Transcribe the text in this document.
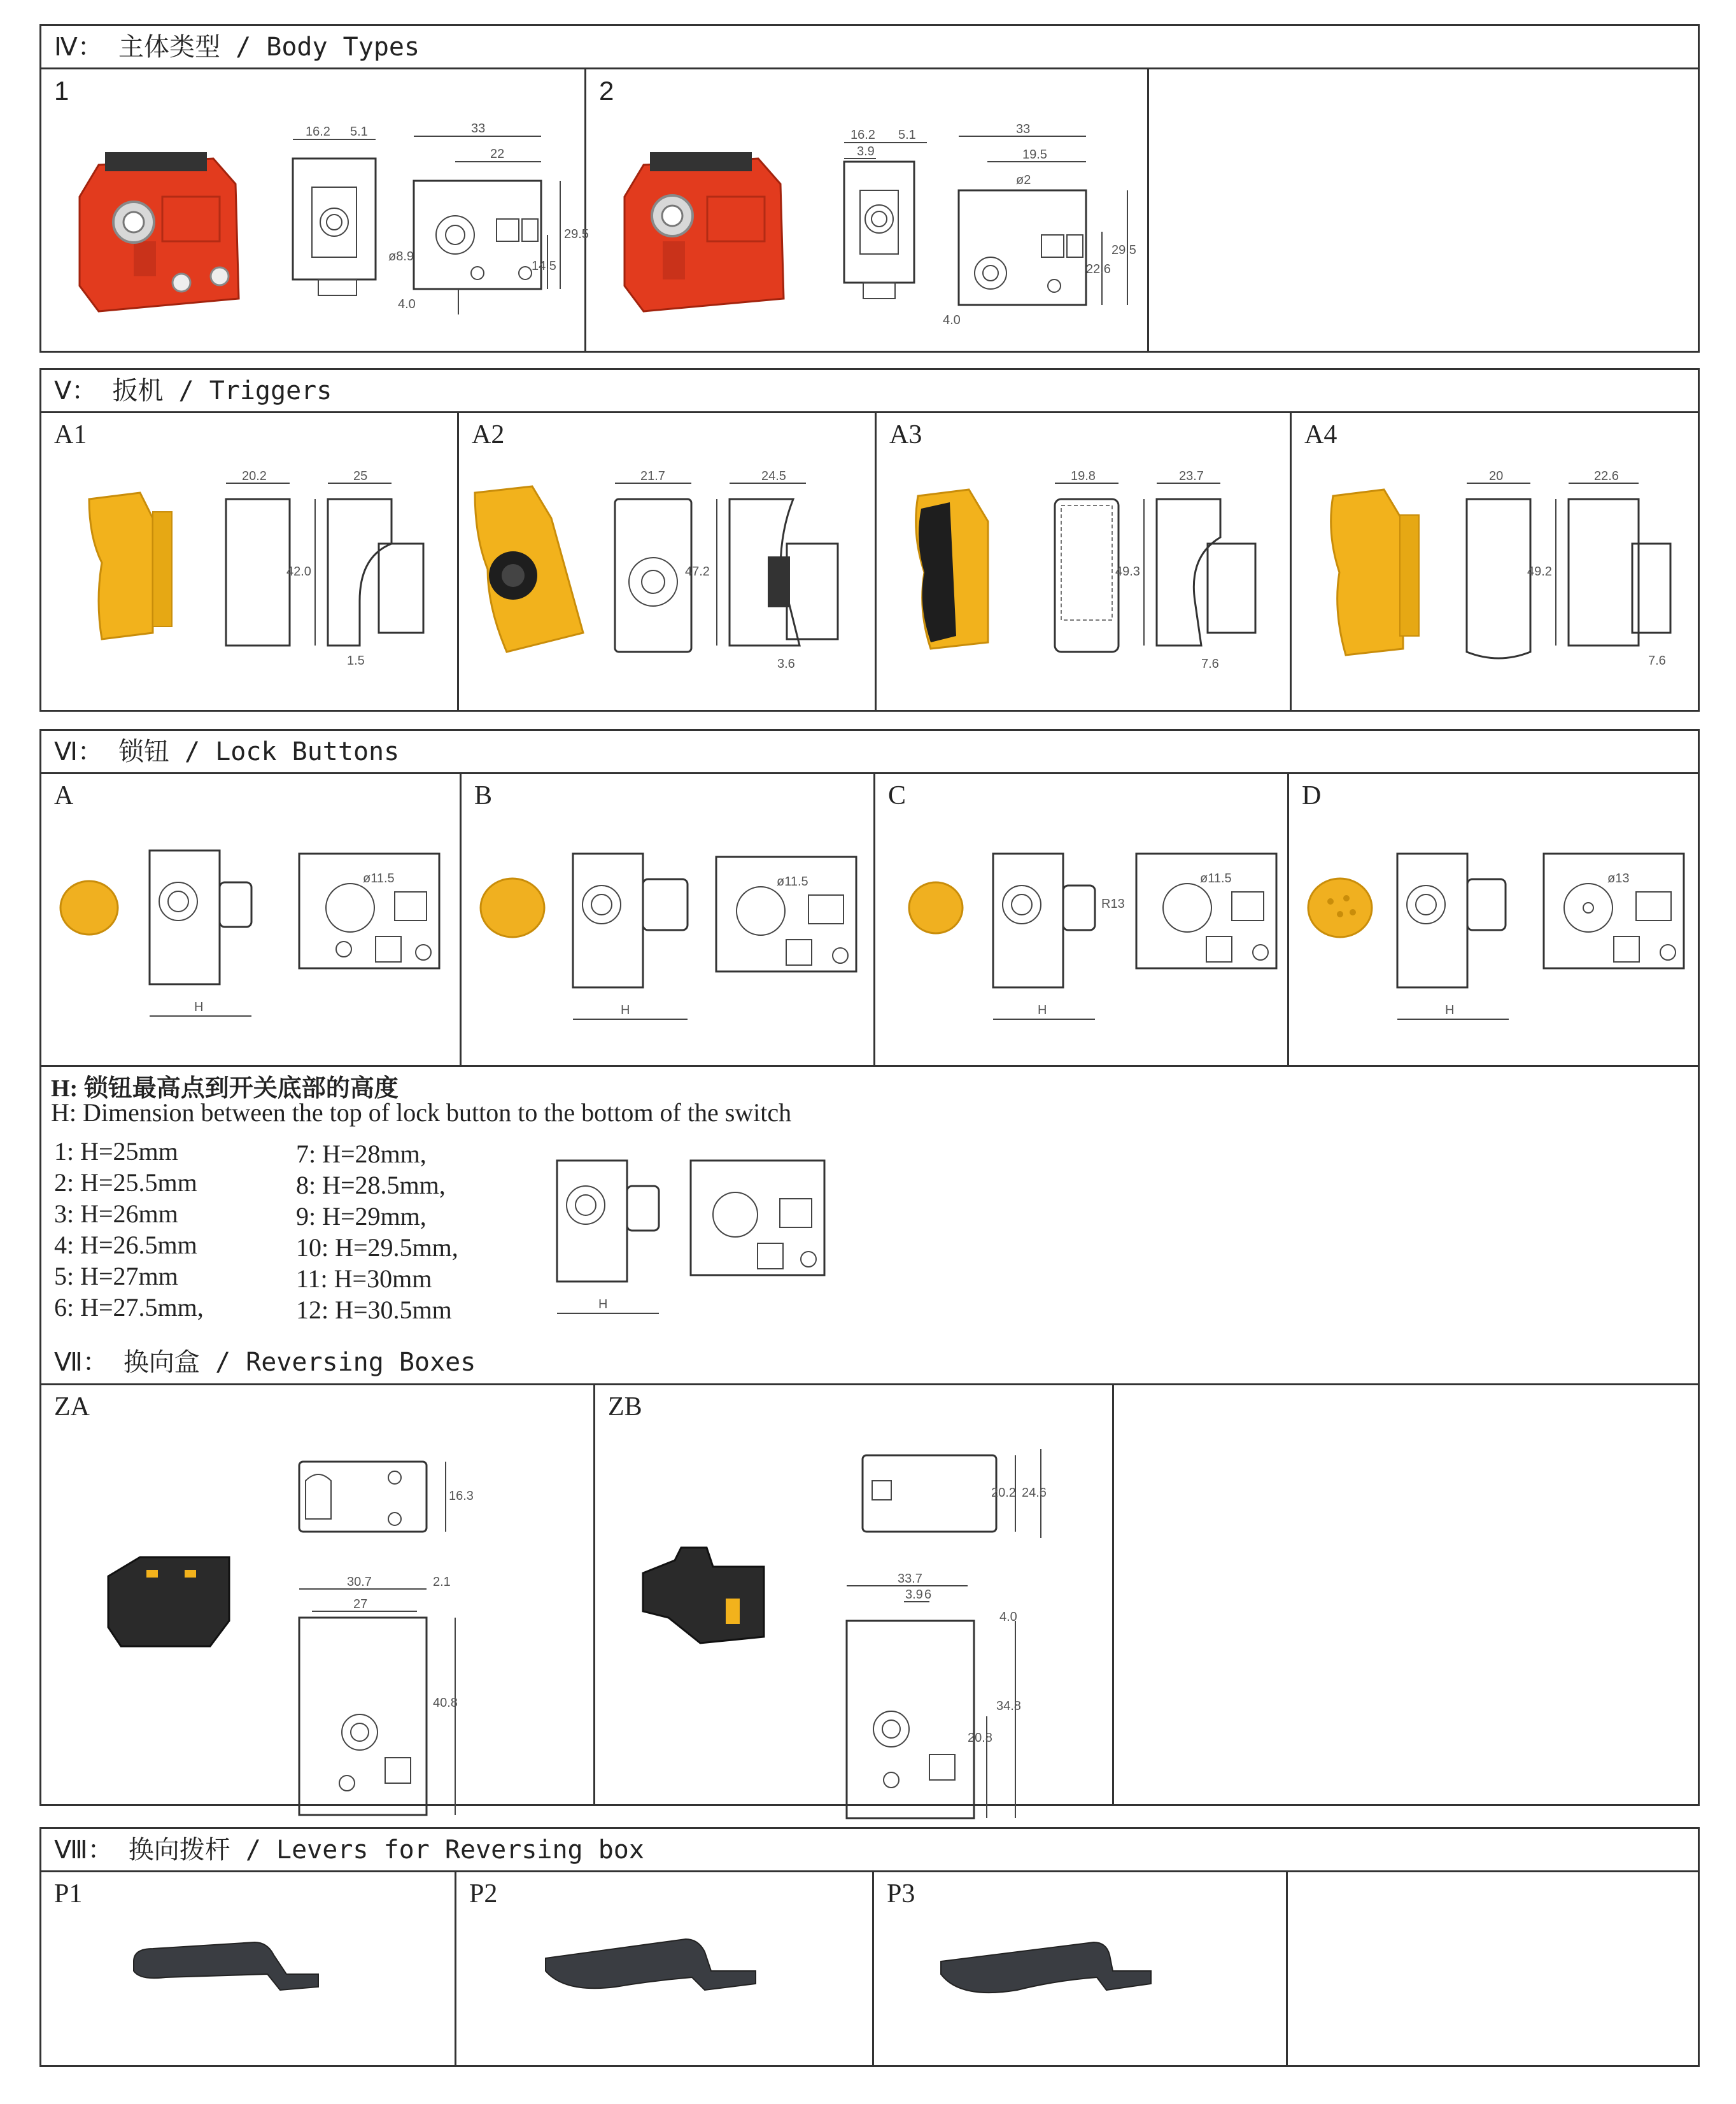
Ⅳ： 主体类型 / Body Types
1
16.2 5.1	33
22
ø8.9
29.5
14.5
4.0
2
16.2 5.1
3.9
33
19.5
ø2
22.6
29.5
4.0
Ⅴ： 扳机 / Triggers
A1
20.2	25
42.0
1.5
A2
21.7	24.5
47.2
3.6
A3
19.8	23.7
49.3
7.6
A4
20	22.6
49.2
7.6
Ⅵ： 锁钮 / Lock Buttons
A
H
ø11.5
B
H
ø11.5
C
H
R13
ø11.5
D
H
ø13
H: 锁钮最高点到开关底部的高度
H: Dimension between the top of lock button to the bottom of the switch
1: H=25mm
2: H=25.5mm
3: H=26mm
4: H=26.5mm
5: H=27mm
6: H=27.5mm,
7: H=28mm,
8: H=28.5mm,
9: H=29mm,
10: H=29.5mm,
11: H=30mm
12: H=30.5mm	H
Ⅶ： 换向盒 / Reversing Boxes
ZA
16.3
30.7	2.1
27
40.8
ZB
20.2 24.6
33.7
3.9 6
4.0
34.8
20.8
Ⅷ： 换向拨杆 / Levers for Reversing box
P1	P2	P3
